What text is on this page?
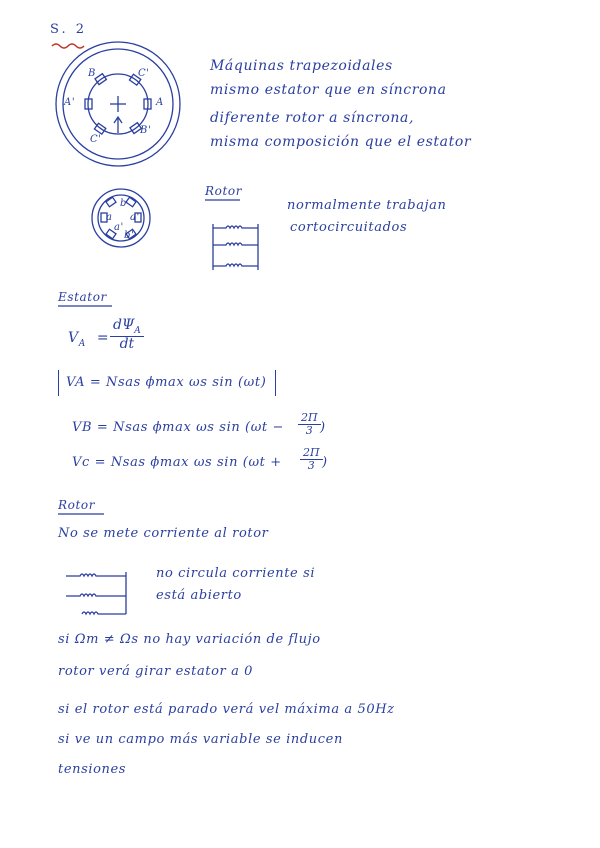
S. 2
B	C'
A'	A
C'
B'
a
b
a'
a'
b'
Máquinas trapezoidales
mismo estator que en síncrona
diferente rotor a síncrona,
misma composición que el estator
Rotor
normalmente trabajan
cortocircuitados
Estator
$V_A$ =
$d\Psi_A$
dt
VA = Nsas ϕmax ωs sin (ωt)
VB = Nsas ϕmax ωs $\sin (\omega t - \frac{2\Pi}{3}$ )
Vc = Nsas ϕmax ωs $\sin (\omega t + \frac{2\Pi}{3}$ )
Rotor
No se mete corriente al rotor
no circula corriente si
está abierto
si Ωm ≠ Ωs no hay variación de flujo
rotor verá girar estator a 0
si el rotor está parado verá vel máxima a 50Hz
si ve un campo más variable se inducen
tensiones
